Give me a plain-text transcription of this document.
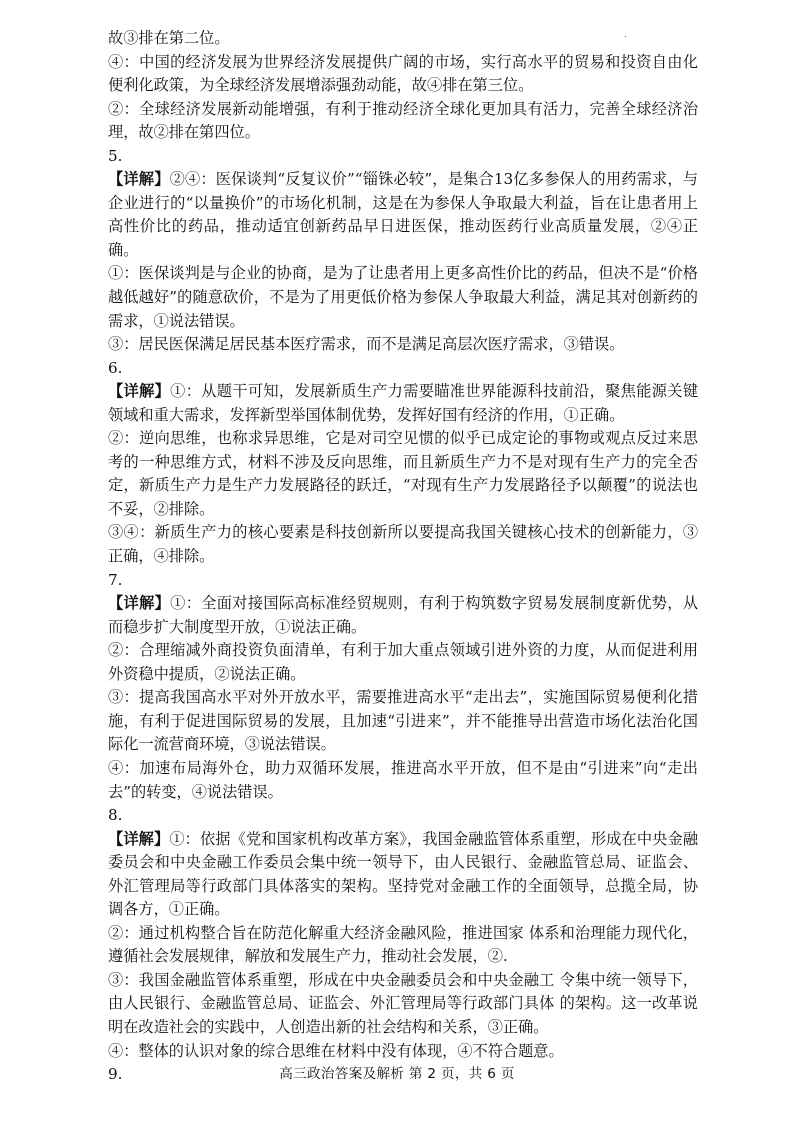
.

故③排在第二位。

④：中国的经济发展为世界经济发展提供广阔的市场，实行高水平的贸易和投资自由化便利化政策，为全球经济发展增添强劲动能，故④排在第三位。

②：全球经济发展新动能增强，有利于推动经济全球化更加具有活力，完善全球经济治理，故②排在第四位。

5.

【详解】②④：医保谈判“反复议价”“锱铢必较”，是集合13亿多参保人的用药需求，与企业进行的“以量换价”的市场化机制，这是在为参保人争取最大利益，旨在让患者用上高性价比的药品，推动适宜创新药品早日进医保，推动医药行业高质量发展，②④正确。

①：医保谈判是与企业的协商，是为了让患者用上更多高性价比的药品，但决不是“价格越低越好”的随意砍价，不是为了用更低价格为参保人争取最大利益，满足其对创新药的需求，①说法错误。

③：居民医保满足居民基本医疗需求，而不是满足高层次医疗需求，③错误。

6.

【详解】①：从题干可知，发展新质生产力需要瞄准世界能源科技前沿，聚焦能源关键领域和重大需求，发挥新型举国体制优势，发挥好国有经济的作用，①正确。

②：逆向思维，也称求异思维，它是对司空见惯的似乎已成定论的事物或观点反过来思考的一种思维方式，材料不涉及反向思维，而且新质生产力不是对现有生产力的完全否定，新质生产力是生产力发展路径的跃迁，“对现有生产力发展路径予以颠覆”的说法也不妥，②排除。

③④：新质生产力的核心要素是科技创新所以要提高我国关键核心技术的创新能力，③正确，④排除。

7.

【详解】①：全面对接国际高标准经贸规则，有利于构筑数字贸易发展制度新优势，从而稳步扩大制度型开放，①说法正确。

②：合理缩减外商投资负面清单，有利于加大重点领域引进外资的力度，从而促进利用外资稳中提质，②说法正确。

③：提高我国高水平对外开放水平，需要推进高水平“走出去”，实施国际贸易便利化措施，有利于促进国际贸易的发展，且加速“引进来”，并不能推导出营造市场化法治化国际化一流营商环境，③说法错误。

④：加速布局海外仓，助力双循环发展，推进高水平开放，但不是由“引进来”向“走出去”的转变，④说法错误。

8.

【详解】①：依据《党和国家机构改革方案》，我国金融监管体系重塑，形成在中央金融委员会和中央金融工作委员会集中统一领导下，由人民银行、金融监管总局、证监会、外汇管理局等行政部门具体落实的架构。坚持党对金融工作的全面领导，总揽全局，协调各方，①正确。

②：通过机构整合旨在防范化解重大经济金融风险，推进国家 体系和治理能力现代化，遵循社会发展规律，解放和发展生产力，推动社会发展，②.

③：我国金融监管体系重塑，形成在中央金融委员会和中央金融工 令集中统一领导下，由人民银行、金融监管总局、证监会、外汇管理局等行政部门具体 的架构。这一改革说明在改造社会的实践中，人创造出新的社会结构和关系，③正确。

④：整体的认识对象的综合思维在材料中没有体现，④不符合题意。

9.	高三政治答案及解析 第 2 页，共 6 页
